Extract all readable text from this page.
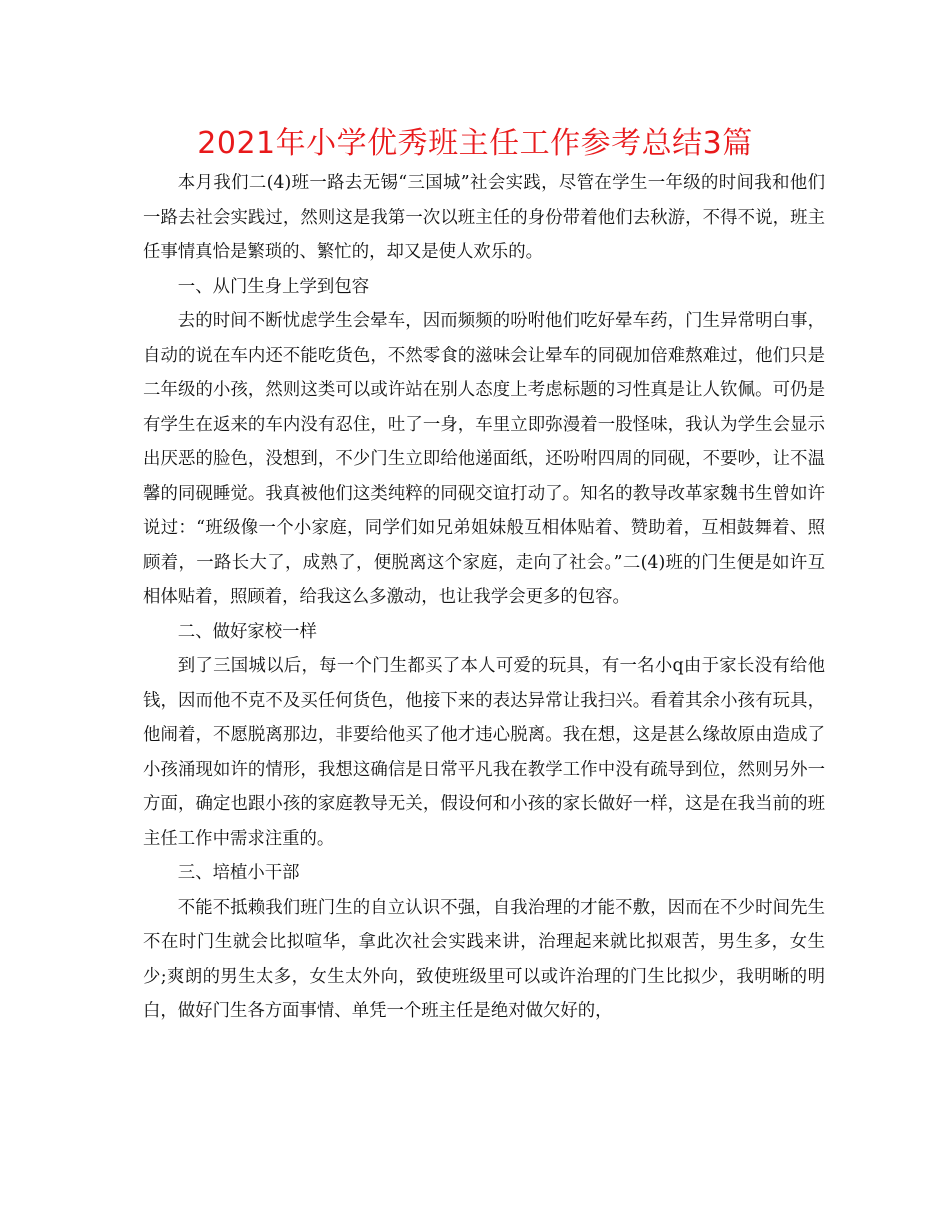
2021年小学优秀班主任工作参考总结3篇

本月我们二(4)班一路去无锡“三国城”社会实践，尽管在学生一年级的时间我和他们一路去社会实践过，然则这是我第一次以班主任的身份带着他们去秋游，不得不说，班主任事情真恰是繁琐的、繁忙的，却又是使人欢乐的。

一、从门生身上学到包容

去的时间不断忧虑学生会晕车，因而频频的吩咐他们吃好晕车药，门生异常明白事，自动的说在车内还不能吃货色，不然零食的滋味会让晕车的同砚加倍难熬难过，他们只是二年级的小孩，然则这类可以或许站在别人态度上考虑标题的习性真是让人钦佩。可仍是有学生在返来的车内没有忍住，吐了一身，车里立即弥漫着一股怪味，我认为学生会显示出厌恶的脸色，没想到，不少门生立即给他递面纸，还吩咐四周的同砚，不要吵，让不温馨的同砚睡觉。我真被他们这类纯粹的同砚交谊打动了。知名的教导改革家魏书生曾如许说过：“班级像一个小家庭，同学们如兄弟姐妹般互相体贴着、赞助着，互相鼓舞着、照顾着，一路长大了，成熟了，便脱离这个家庭，走向了社会。”二(4)班的门生便是如许互相体贴着，照顾着，给我这么多激动，也让我学会更多的包容。

二、做好家校一样

到了三国城以后，每一个门生都买了本人可爱的玩具，有一名小q由于家长没有给他钱，因而他不克不及买任何货色，他接下来的表达异常让我扫兴。看着其余小孩有玩具，他闹着，不愿脱离那边，非要给他买了他才违心脱离。我在想，这是甚么缘故原由造成了小孩涌现如许的情形，我想这确信是日常平凡我在教学工作中没有疏导到位，然则另外一方面，确定也跟小孩的家庭教导无关，假设何和小孩的家长做好一样，这是在我当前的班主任工作中需求注重的。

三、培植小干部

不能不抵赖我们班门生的自立认识不强，自我治理的才能不敷，因而在不少时间先生不在时门生就会比拟喧华，拿此次社会实践来讲，治理起来就比拟艰苦，男生多，女生少;爽朗的男生太多，女生太外向，致使班级里可以或许治理的门生比拟少，我明晰的明白，做好门生各方面事情、单凭一个班主任是绝对做欠好的，
